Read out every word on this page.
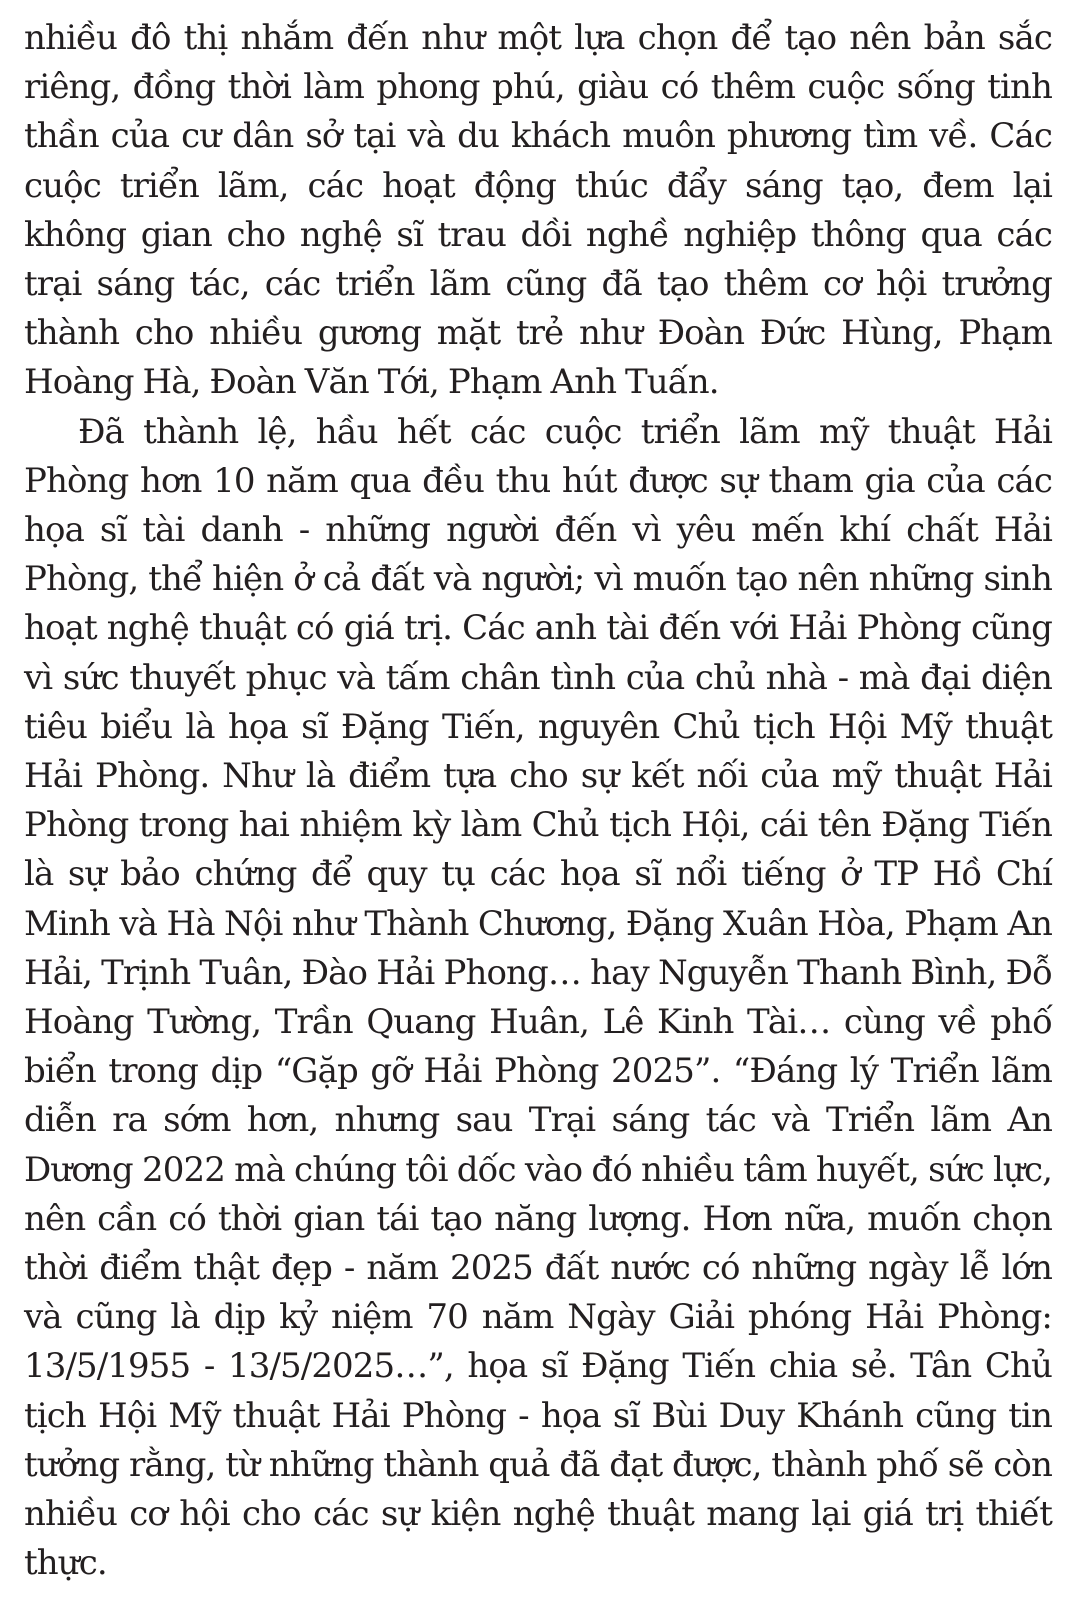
nhiều đô thị nhắm đến như một lựa chọn để tạo nên bản sắc riêng, đồng thời làm phong phú, giàu có thêm cuộc sống tinh thần của cư dân sở tại và du khách muôn phương tìm về. Các cuộc triển lãm, các hoạt động thúc đẩy sáng tạo, đem lại không gian cho nghệ sĩ trau dồi nghề nghiệp thông qua các trại sáng tác, các triển lãm cũng đã tạo thêm cơ hội trưởng thành cho nhiều gương mặt trẻ như Đoàn Đức Hùng, Phạm Hoàng Hà, Đoàn Văn Tới, Phạm Anh Tuấn.

Đã thành lệ, hầu hết các cuộc triển lãm mỹ thuật Hải Phòng hơn 10 năm qua đều thu hút được sự tham gia của các họa sĩ tài danh - những người đến vì yêu mến khí chất Hải Phòng, thể hiện ở cả đất và người; vì muốn tạo nên những sinh hoạt nghệ thuật có giá trị. Các anh tài đến với Hải Phòng cũng vì sức thuyết phục và tấm chân tình của chủ nhà - mà đại diện tiêu biểu là họa sĩ Đặng Tiến, nguyên Chủ tịch Hội Mỹ thuật Hải Phòng. Như là điểm tựa cho sự kết nối của mỹ thuật Hải Phòng trong hai nhiệm kỳ làm Chủ tịch Hội, cái tên Đặng Tiến là sự bảo chứng để quy tụ các họa sĩ nổi tiếng ở TP Hồ Chí Minh và Hà Nội như Thành Chương, Đặng Xuân Hòa, Phạm An Hải, Trịnh Tuân, Đào Hải Phong… hay Nguyễn Thanh Bình, Đỗ Hoàng Tường, Trần Quang Huân, Lê Kinh Tài… cùng về phố biển trong dịp “Gặp gỡ Hải Phòng 2025”. “Đáng lý Triển lãm diễn ra sớm hơn, nhưng sau Trại sáng tác và Triển lãm An Dương 2022 mà chúng tôi dốc vào đó nhiều tâm huyết, sức lực, nên cần có thời gian tái tạo năng lượng. Hơn nữa, muốn chọn thời điểm thật đẹp - năm 2025 đất nước có những ngày lễ lớn và cũng là dịp kỷ niệm 70 năm Ngày Giải phóng Hải Phòng: 13/5/1955 - 13/5/2025…”, họa sĩ Đặng Tiến chia sẻ. Tân Chủ tịch Hội Mỹ thuật Hải Phòng - họa sĩ Bùi Duy Khánh cũng tin tưởng rằng, từ những thành quả đã đạt được, thành phố sẽ còn nhiều cơ hội cho các sự kiện nghệ thuật mang lại giá trị thiết thực.
